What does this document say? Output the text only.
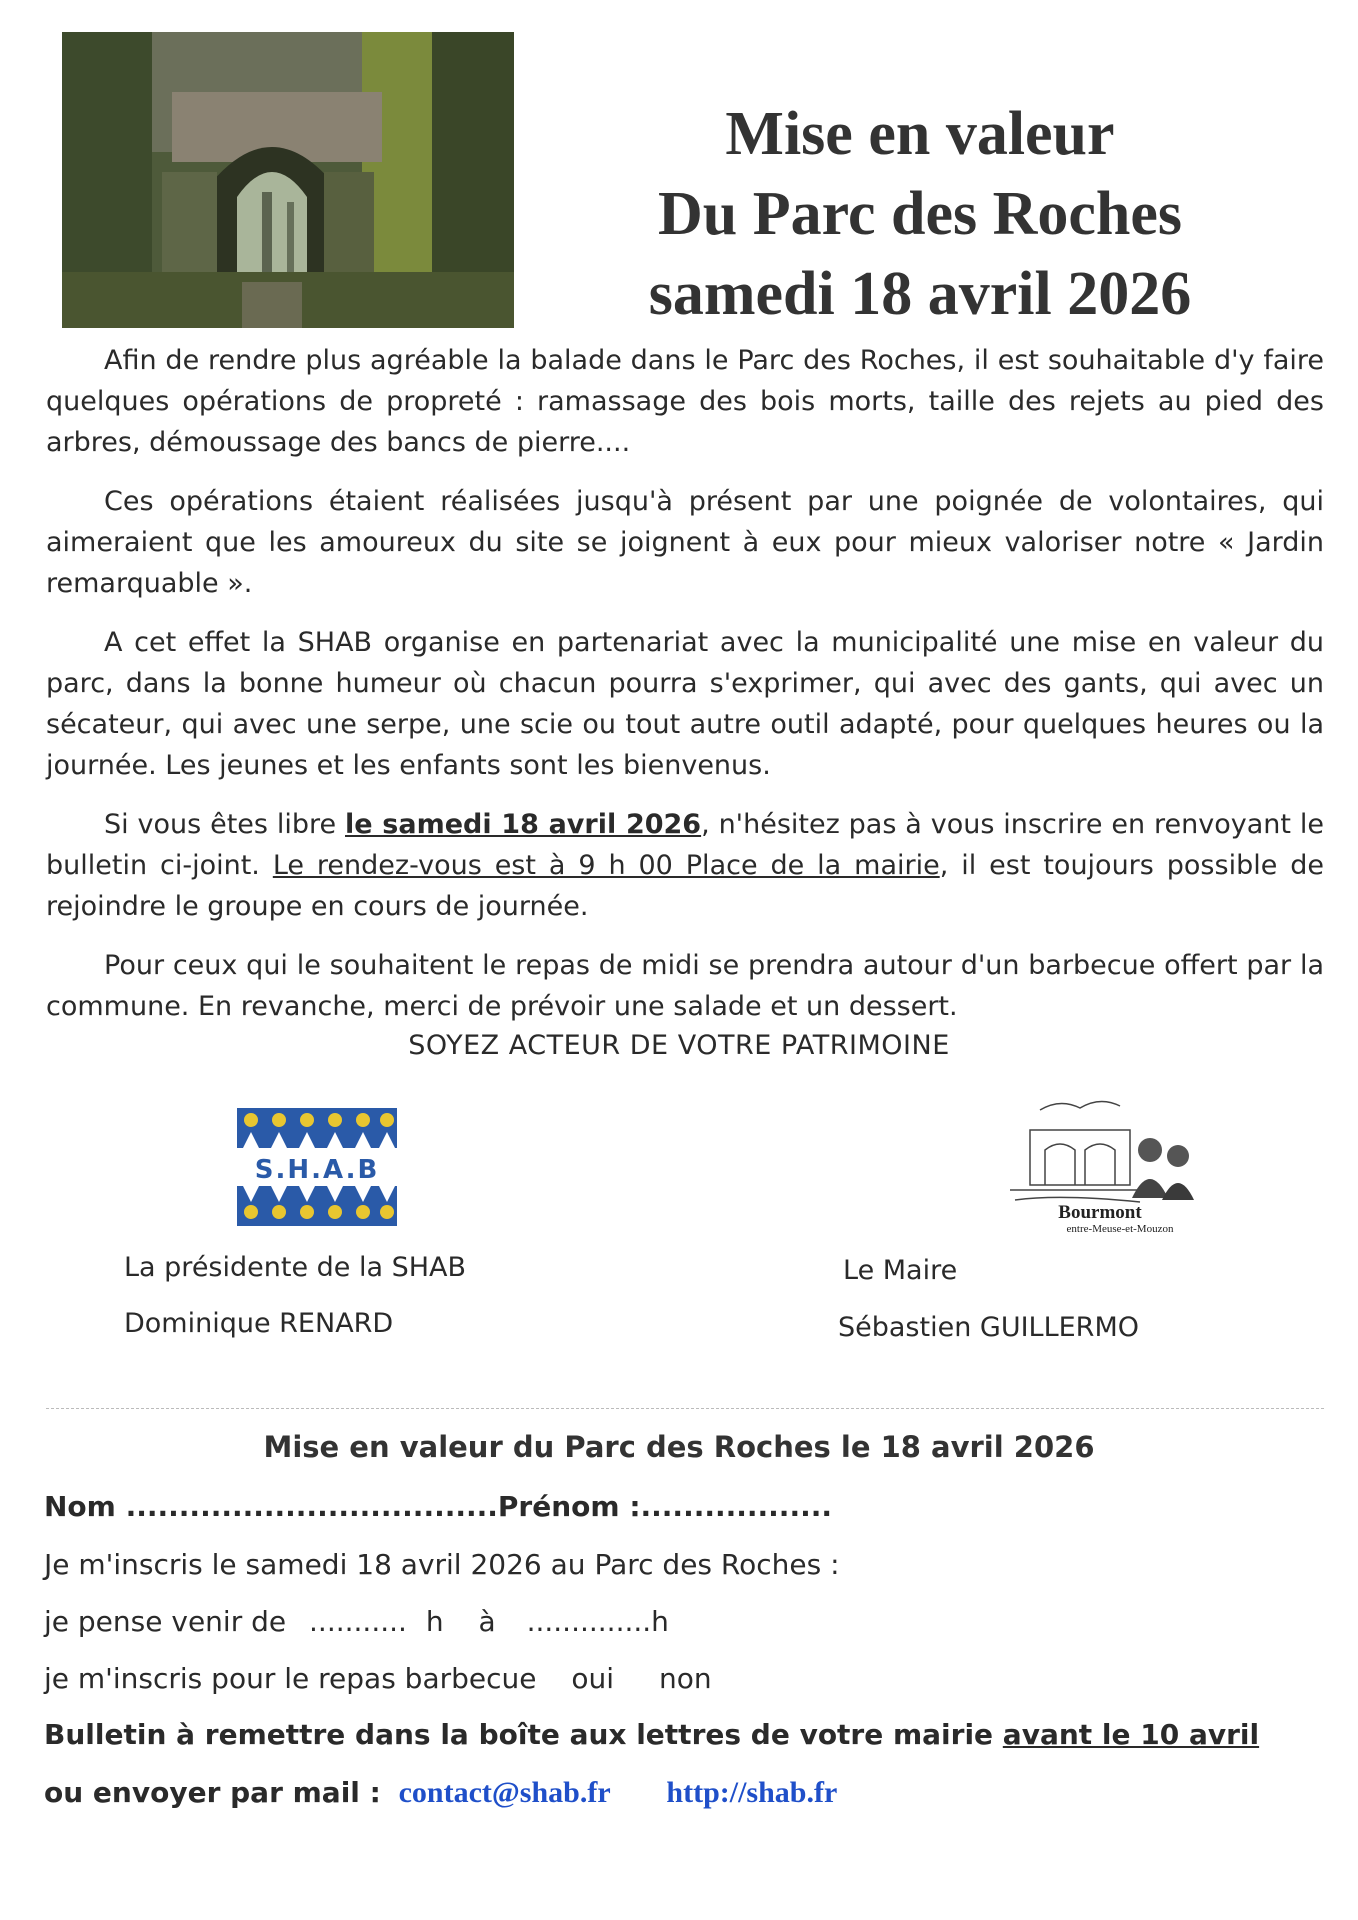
Mise en valeur
Du Parc des Roches
samedi 18 avril 2026

Afin de rendre plus agréable la balade dans le Parc des Roches, il est souhaitable d'y faire quelques opérations de propreté : ramassage des bois morts, taille des rejets au pied des arbres, démoussage des bancs de pierre....

Ces opérations étaient réalisées jusqu'à présent par une poignée de volontaires, qui aimeraient que les amoureux du site se joignent à eux pour mieux valoriser notre « Jardin remarquable ».

A cet effet la SHAB organise en partenariat avec la municipalité une mise en valeur du parc, dans la bonne humeur où chacun pourra s'exprimer, qui avec des gants, qui avec un sécateur, qui avec une serpe, une scie ou tout autre outil adapté, pour quelques heures ou la journée. Les jeunes et les enfants sont les bienvenus.

Si vous êtes libre le samedi 18 avril 2026, n'hésitez pas à vous inscrire en renvoyant le bulletin ci-joint. Le rendez-vous est à 9 h 00 Place de la mairie, il est toujours possible de rejoindre le groupe en cours de journée.

Pour ceux qui le souhaitent le repas de midi se prendra autour d'un barbecue offert par la commune. En revanche, merci de prévoir une salade et un dessert.

SOYEZ ACTEUR DE VOTRE PATRIMOINE
S.H.A.B
Bourmont
entre-Meuse-et-Mouzon
La présidente de la SHAB
Dominique RENARD
Le Maire
Sébastien GUILLERMO
Mise en valeur du Parc des Roches le 18 avril 2026
Nom ...................................Prénom :..................
Je m'inscris le samedi 18 avril 2026 au Parc des Roches :
je pense venir de ........... h à ..............h
je m'inscris pour le repas barbecue oui non
Bulletin à remettre dans la boîte aux lettres de votre mairie avant le 10 avril
ou envoyer par mail : contact@shab.fr http://shab.fr
